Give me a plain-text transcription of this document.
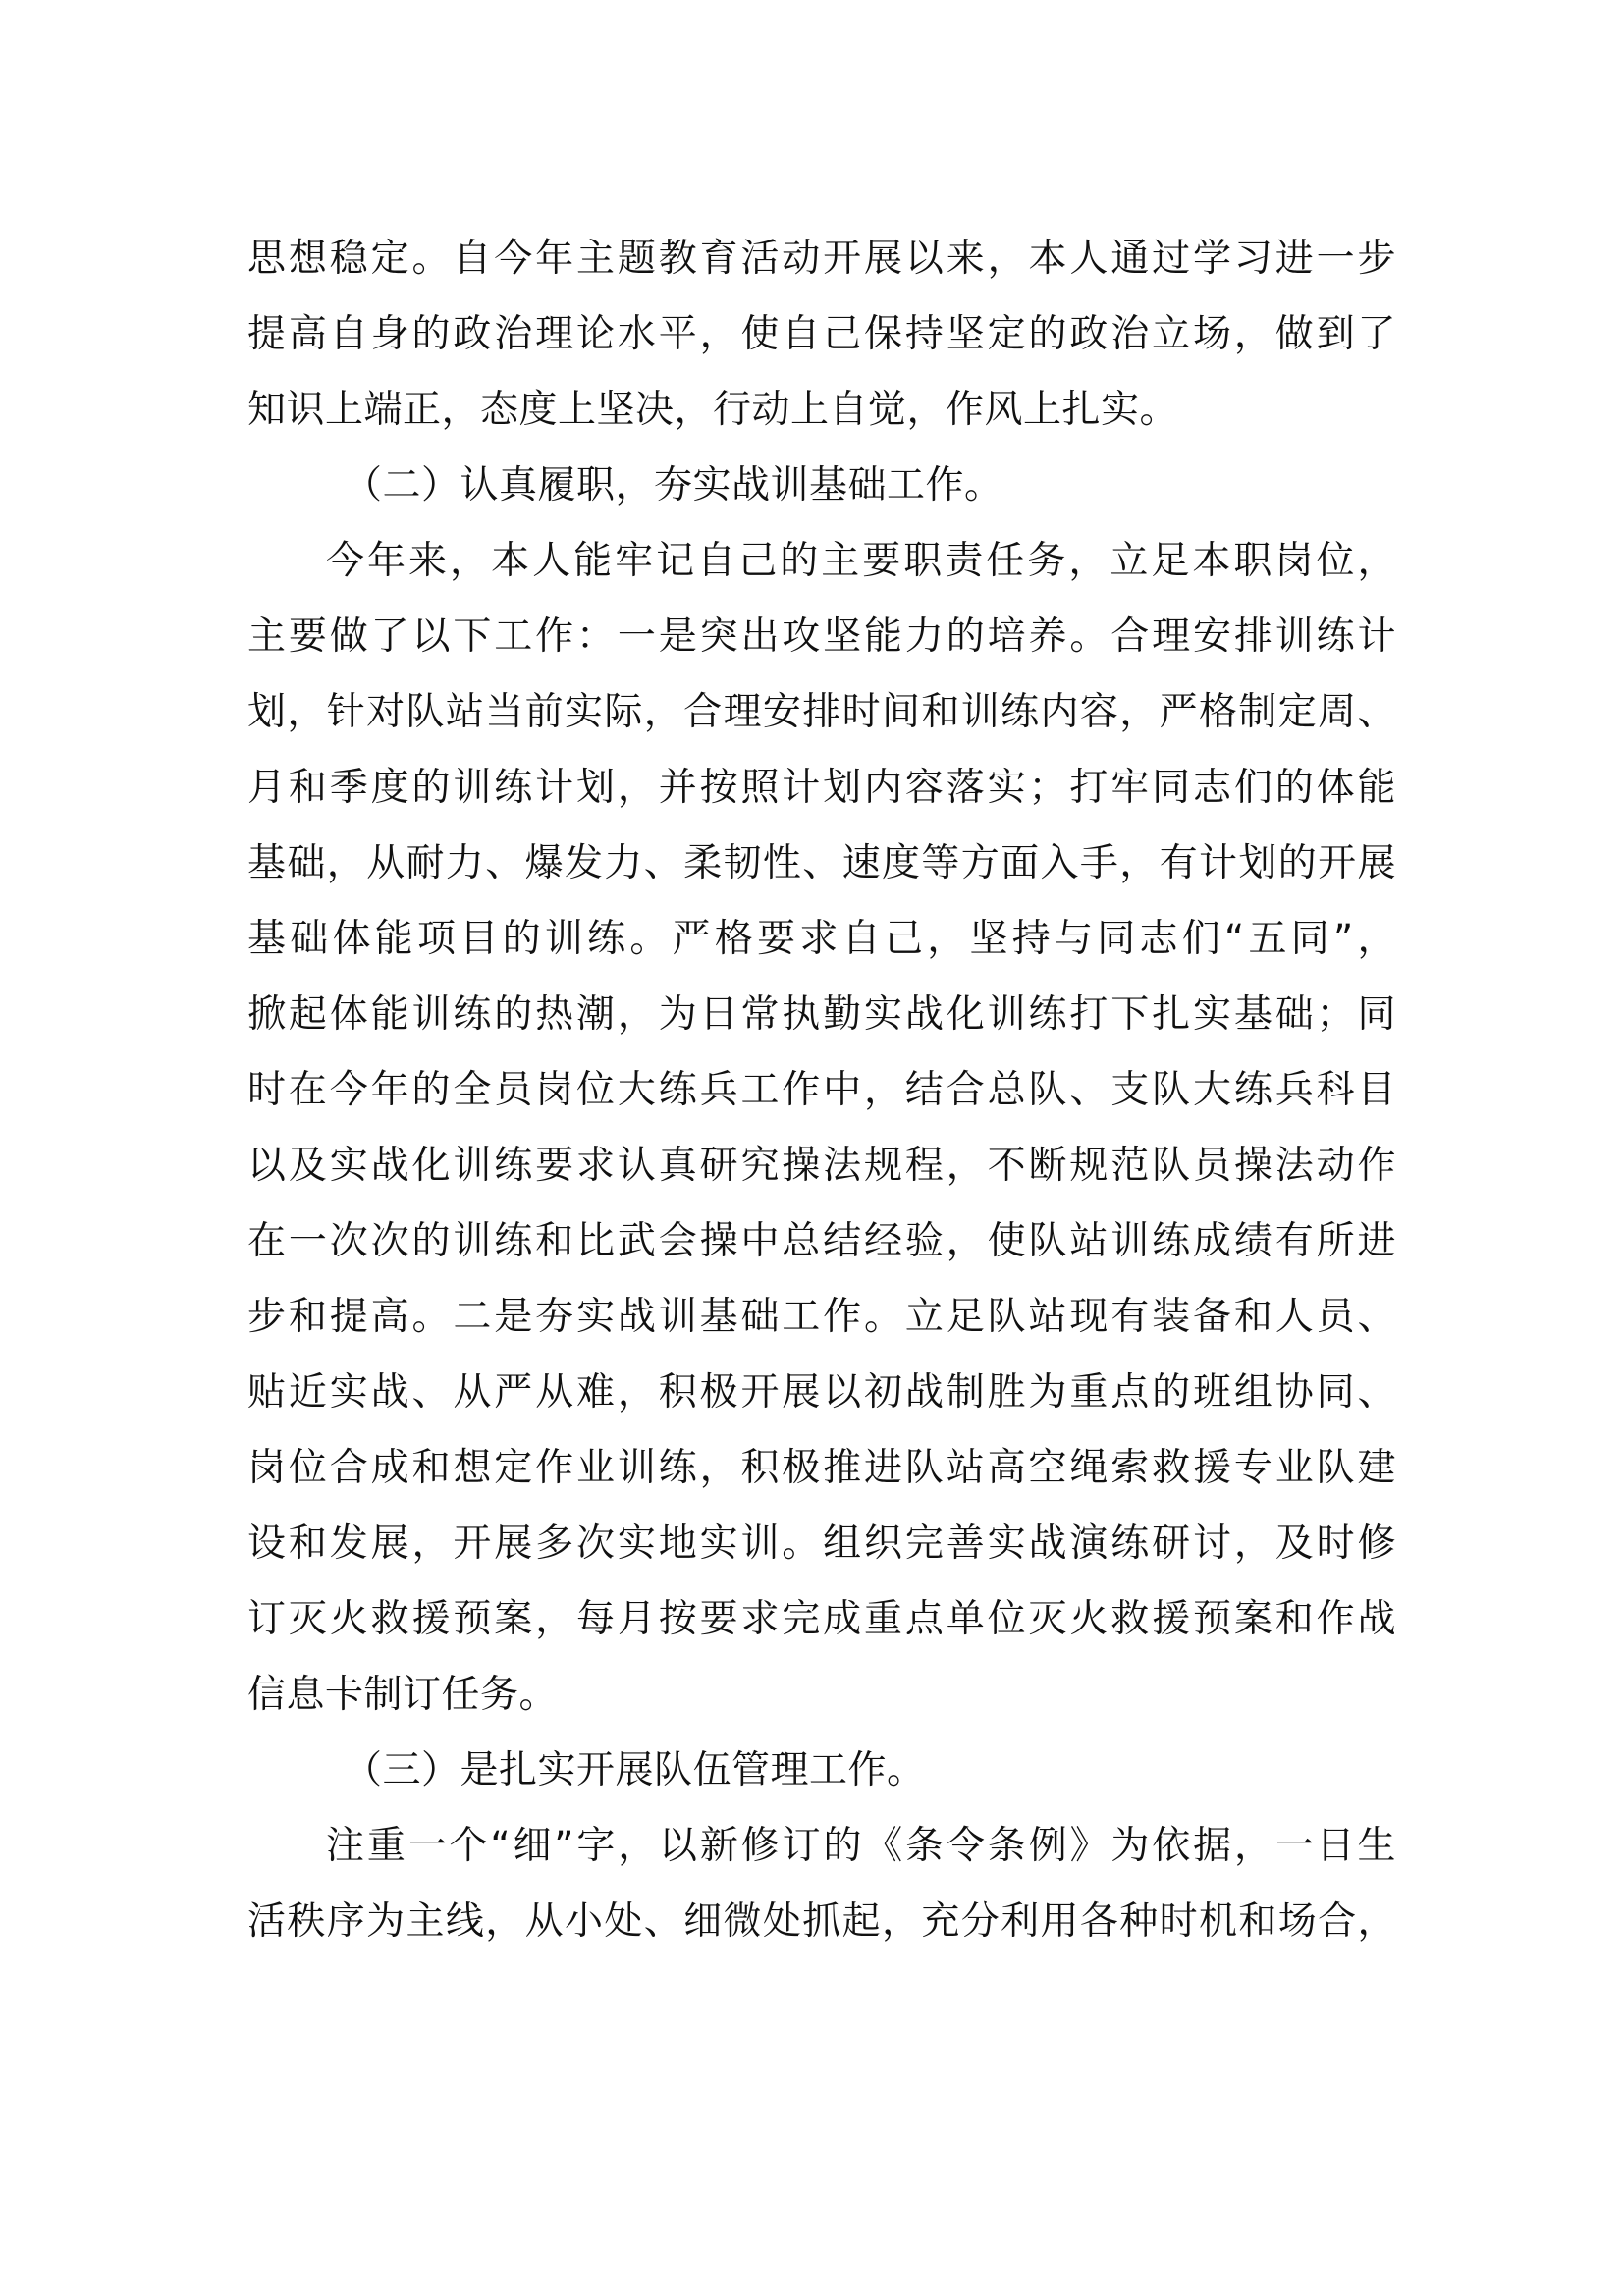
思想稳定。自今年主题教育活动开展以来，本人通过学习进一步
提高自身的政治理论水平，使自己保持坚定的政治立场，做到了
知识上端正，态度上坚决，行动上自觉，作风上扎实。
（二）认真履职，夯实战训基础工作。
今年来，本人能牢记自己的主要职责任务，立足本职岗位，
主要做了以下工作：一是突出攻坚能力的培养。合理安排训练计
划，针对队站当前实际，合理安排时间和训练内容，严格制定周、
月和季度的训练计划，并按照计划内容落实；打牢同志们的体能
基础，从耐力、爆发力、柔韧性、速度等方面入手，有计划的开展
基础体能项目的训练。严格要求自己，坚持与同志们“五同”，
掀起体能训练的热潮，为日常执勤实战化训练打下扎实基础；同
时在今年的全员岗位大练兵工作中，结合总队、支队大练兵科目
以及实战化训练要求认真研究操法规程，不断规范队员操法动作
在一次次的训练和比武会操中总结经验，使队站训练成绩有所进
步和提高。二是夯实战训基础工作。立足队站现有装备和人员、
贴近实战、从严从难，积极开展以初战制胜为重点的班组协同、
岗位合成和想定作业训练，积极推进队站高空绳索救援专业队建
设和发展，开展多次实地实训。组织完善实战演练研讨，及时修
订灭火救援预案，每月按要求完成重点单位灭火救援预案和作战
信息卡制订任务。
（三）是扎实开展队伍管理工作。
注重一个“细”字，以新修订的《条令条例》为依据，一日生
活秩序为主线，从小处、细微处抓起，充分利用各种时机和场合，
